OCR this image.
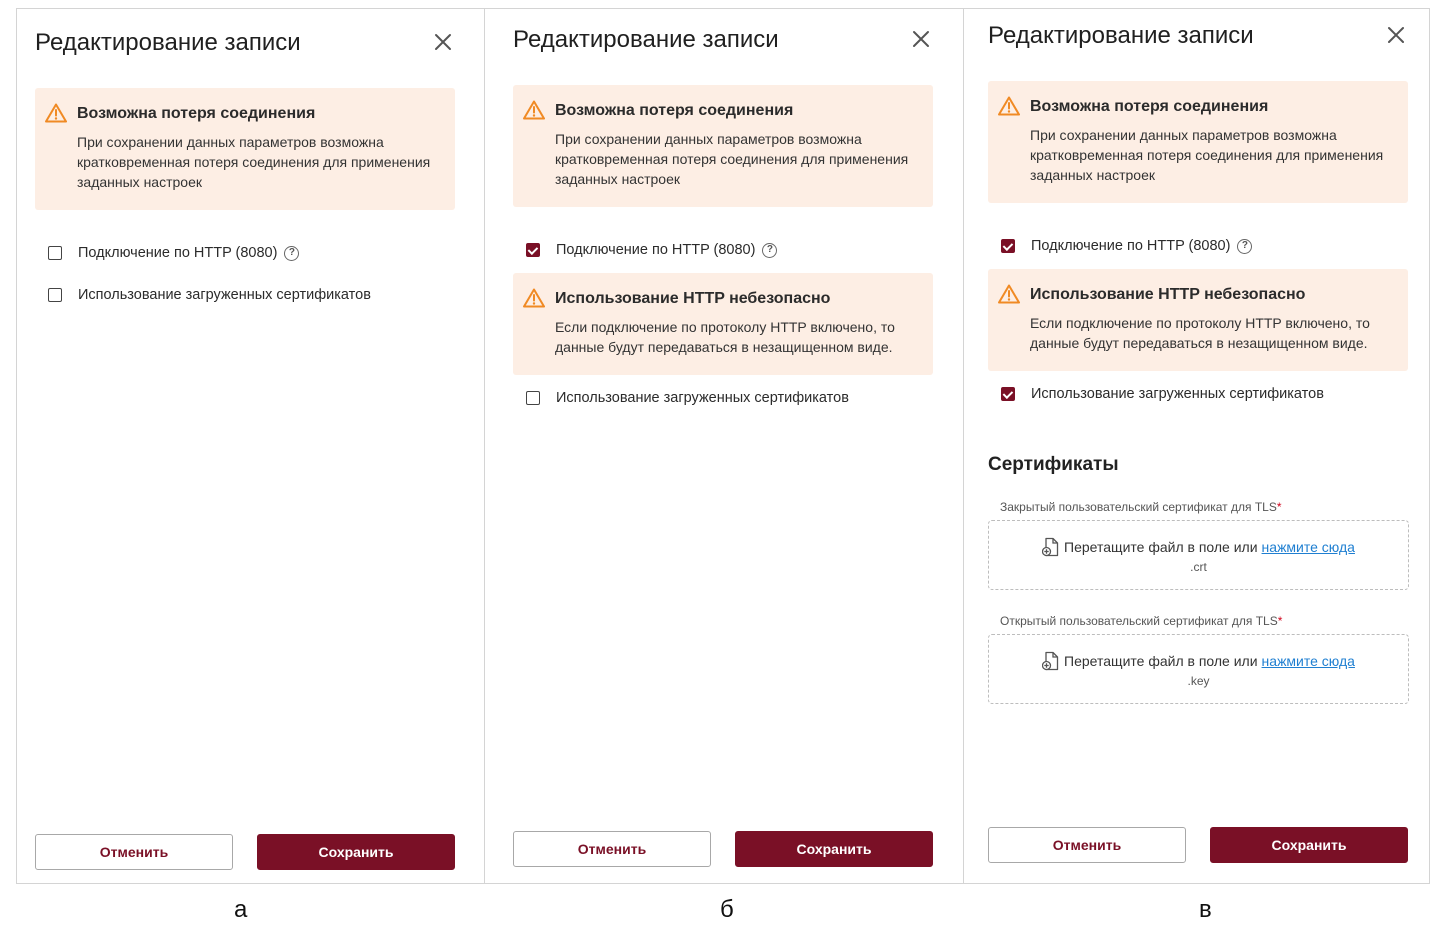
Редактирование записи
Возможна потеря соединения
При сохранении данных параметров возможна кратковременная потеря соединения для применения заданных настроек
Подключение по HTTP (8080)	?
Использование загруженных сертификатов
Отменить	Сохранить
Редактирование записи
Возможна потеря соединения
При сохранении данных параметров возможна кратковременная потеря соединения для применения заданных настроек
Подключение по HTTP (8080)	?
Использование HTTP небезопасно
Если подключение по протоколу HTTP включено, то данные будут передаваться в незащищенном виде.
Использование загруженных сертификатов
Отменить	Сохранить
Редактирование записи
Возможна потеря соединения
При сохранении данных параметров возможна кратковременная потеря соединения для применения заданных настроек
Подключение по HTTP (8080)	?
Использование HTTP небезопасно
Если подключение по протоколу HTTP включено, то данные будут передаваться в незащищенном виде.
Использование загруженных сертификатов
Сертификаты
Закрытый пользовательский сертификат для TLS*
Перетащите файл в поле или нажмите сюда
.crt
Открытый пользовательский сертификат для TLS*
Перетащите файл в поле или нажмите сюда
.key
Отменить	Сохранить
а	б	в
